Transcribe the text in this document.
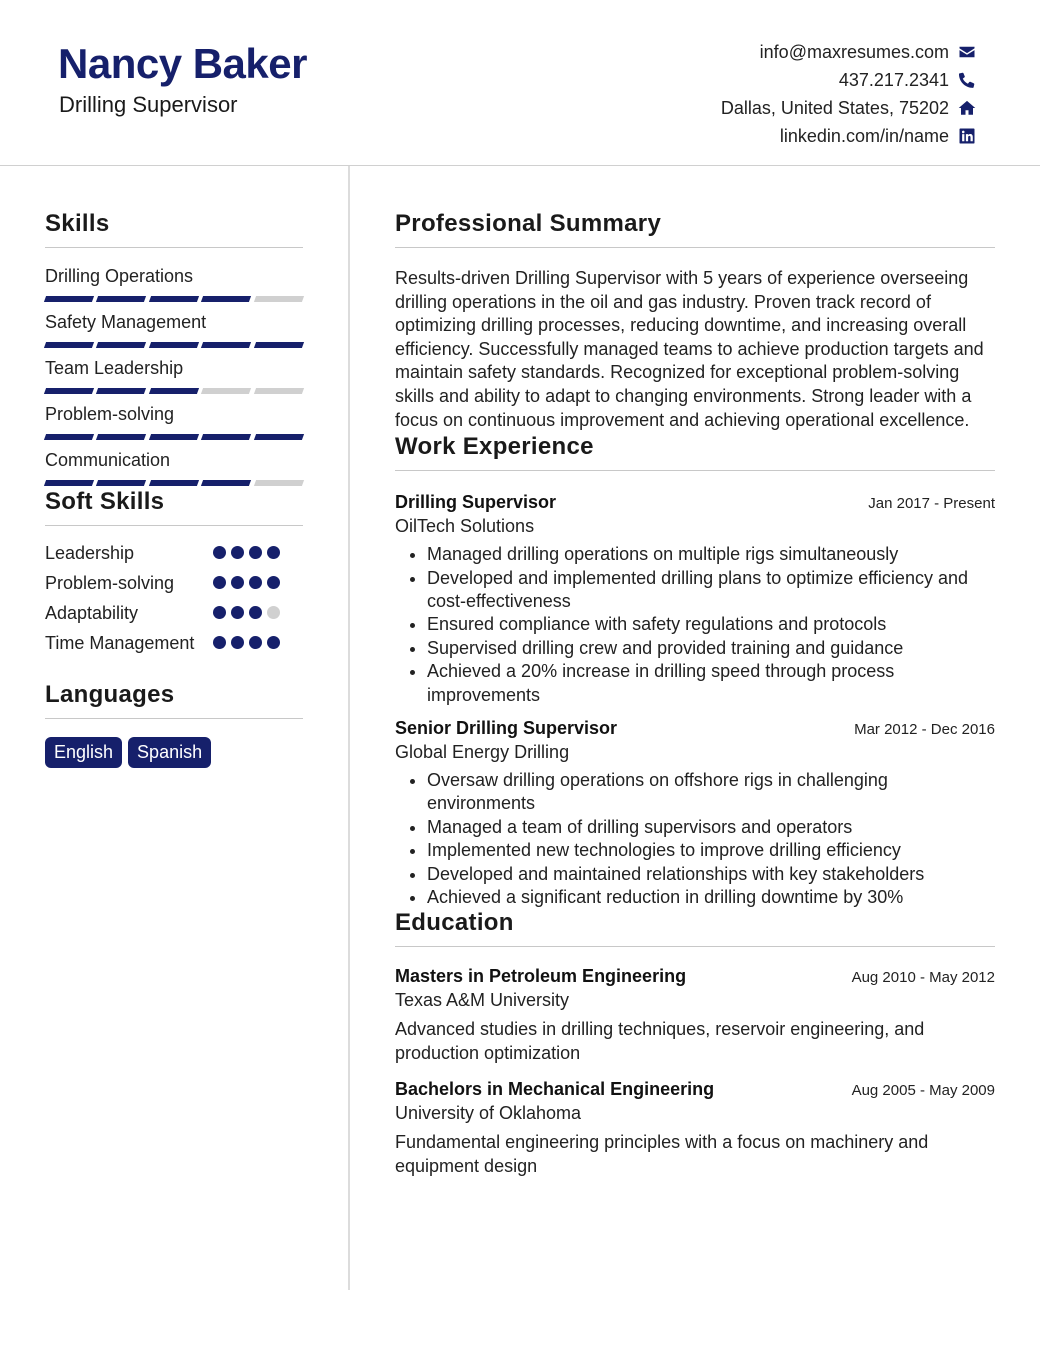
Nancy Baker
Drilling Supervisor
info@maxresumes.com
437.217.2341
Dallas, United States, 75202
linkedin.com/in/name
Skills
Drilling Operations
Safety Management
Team Leadership
Problem-solving
Communication
Soft Skills
Leadership
Problem-solving
Adaptability
Time Management
Languages
English	Spanish
Professional Summary
Results-driven Drilling Supervisor with 5 years of experience overseeing drilling operations in the oil and gas industry. Proven track record of optimizing drilling processes, reducing downtime, and increasing overall efficiency. Successfully managed teams to achieve production targets and maintain safety standards. Recognized for exceptional problem-solving skills and ability to adapt to changing environments. Strong leader with a focus on continuous improvement and achieving operational excellence.
Work Experience
Drilling Supervisor	Jan 2017 - Present
OilTech Solutions
• Managed drilling operations on multiple rigs simultaneously
• Developed and implemented drilling plans to optimize efficiency and cost-effectiveness
• Ensured compliance with safety regulations and protocols
• Supervised drilling crew and provided training and guidance
• Achieved a 20% increase in drilling speed through process improvements
Senior Drilling Supervisor	Mar 2012 - Dec 2016
Global Energy Drilling
• Oversaw drilling operations on offshore rigs in challenging environments
• Managed a team of drilling supervisors and operators
• Implemented new technologies to improve drilling efficiency
• Developed and maintained relationships with key stakeholders
• Achieved a significant reduction in drilling downtime by 30%
Education
Masters in Petroleum Engineering	Aug 2010 - May 2012
Texas A&M University
Advanced studies in drilling techniques, reservoir engineering, and production optimization
Bachelors in Mechanical Engineering	Aug 2005 - May 2009
University of Oklahoma
Fundamental engineering principles with a focus on machinery and equipment design
